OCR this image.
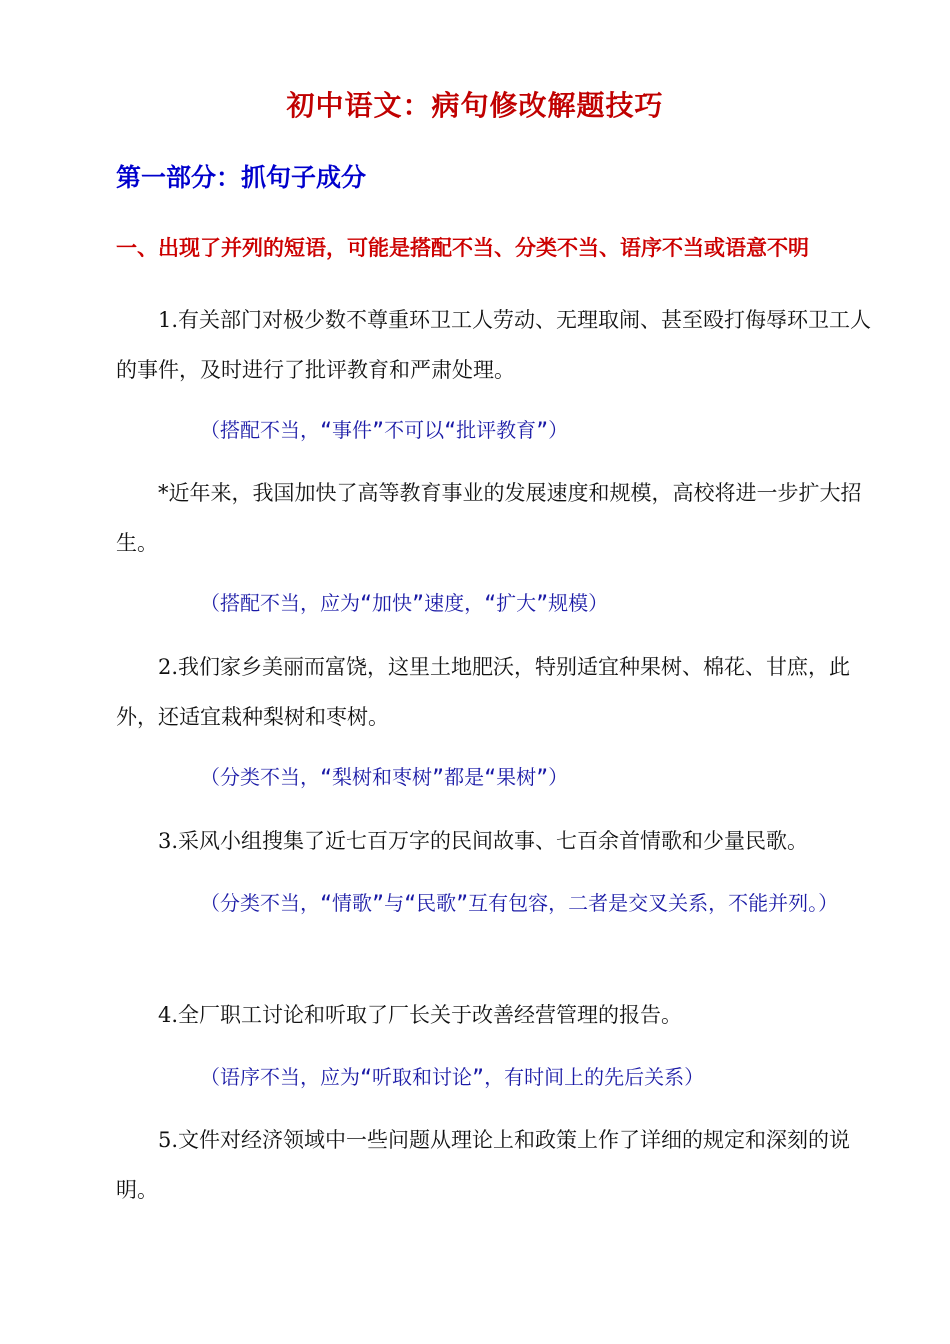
初中语文：病句修改解题技巧
第一部分：抓句子成分
一、出现了并列的短语，可能是搭配不当、分类不当、语序不当或语意不明
1.有关部门对极少数不尊重环卫工人劳动、无理取闹、甚至殴打侮辱环卫工人的事件，及时进行了批评教育和严肃处理。
（搭配不当，“事件”不可以“批评教育”）
*近年来，我国加快了高等教育事业的发展速度和规模，高校将进一步扩大招生。
（搭配不当，应为“加快”速度，“扩大”规模）
2.我们家乡美丽而富饶，这里土地肥沃，特别适宜种果树、棉花、甘庶，此外，还适宜栽种梨树和枣树。
（分类不当，“梨树和枣树”都是“果树”）
3.采风小组搜集了近七百万字的民间故事、七百余首情歌和少量民歌。
（分类不当，“情歌”与“民歌”互有包容，二者是交叉关系，不能并列。）
4.全厂职工讨论和听取了厂长关于改善经营管理的报告。
（语序不当，应为“听取和讨论”，有时间上的先后关系）
5.文件对经济领域中一些问题从理论上和政策上作了详细的规定和深刻的说明。
